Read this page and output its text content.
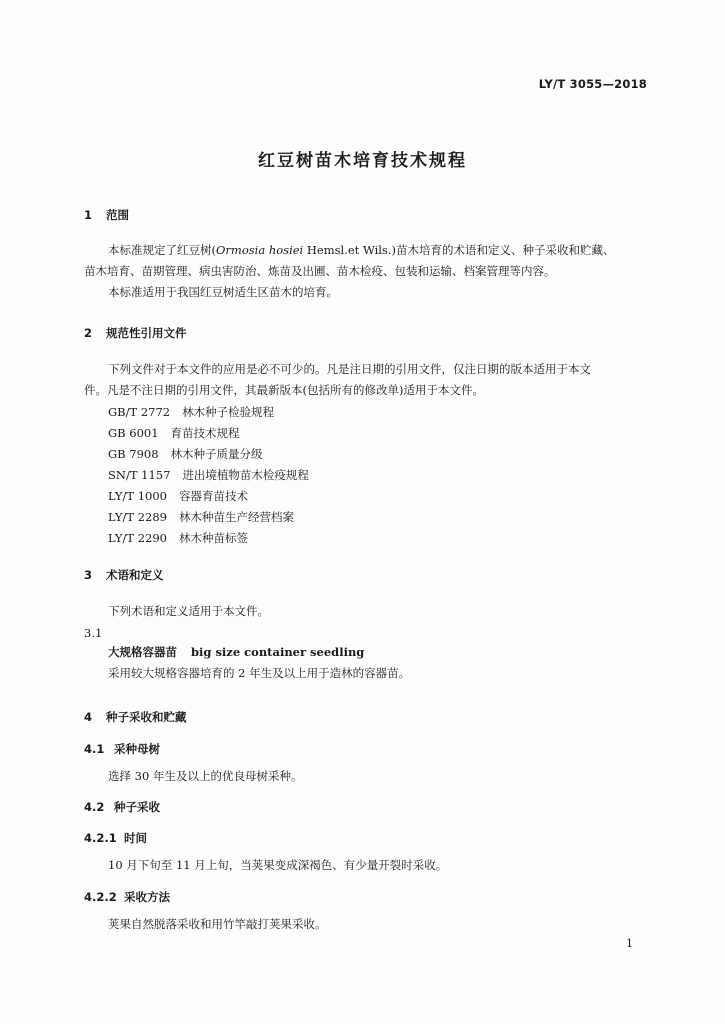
LY/T 3055—2018
红豆树苗木培育技术规程
1 范围
本标准规定了红豆树(Ormosia hosiei Hemsl.et Wils.)苗木培育的术语和定义、种子采收和贮藏、
苗木培育、苗期管理、病虫害防治、炼苗及出圃、苗木检疫、包装和运输、档案管理等内容。
本标准适用于我国红豆树适生区苗木的培育。
2 规范性引用文件
下列文件对于本文件的应用是必不可少的。凡是注日期的引用文件，仅注日期的版本适用于本文
件。凡是不注日期的引用文件，其最新版本(包括所有的修改单)适用于本文件。
GB/T 2772 林木种子检验规程
GB 6001 育苗技术规程
GB 7908 林木种子质量分级
SN/T 1157 进出境植物苗木检疫规程
LY/T 1000 容器育苗技术
LY/T 2289 林木种苗生产经营档案
LY/T 2290 林木种苗标签
3 术语和定义
下列术语和定义适用于本文件。
3.1
大规格容器苗 big size container seedling
采用较大规格容器培育的 2 年生及以上用于造林的容器苗。
4 种子采收和贮藏
4.1 采种母树
选择 30 年生及以上的优良母树采种。
4.2 种子采收
4.2.1 时间
10 月下旬至 11 月上旬，当荚果变成深褐色、有少量开裂时采收。
4.2.2 采收方法
荚果自然脱落采收和用竹竿敲打荚果采收。
1
